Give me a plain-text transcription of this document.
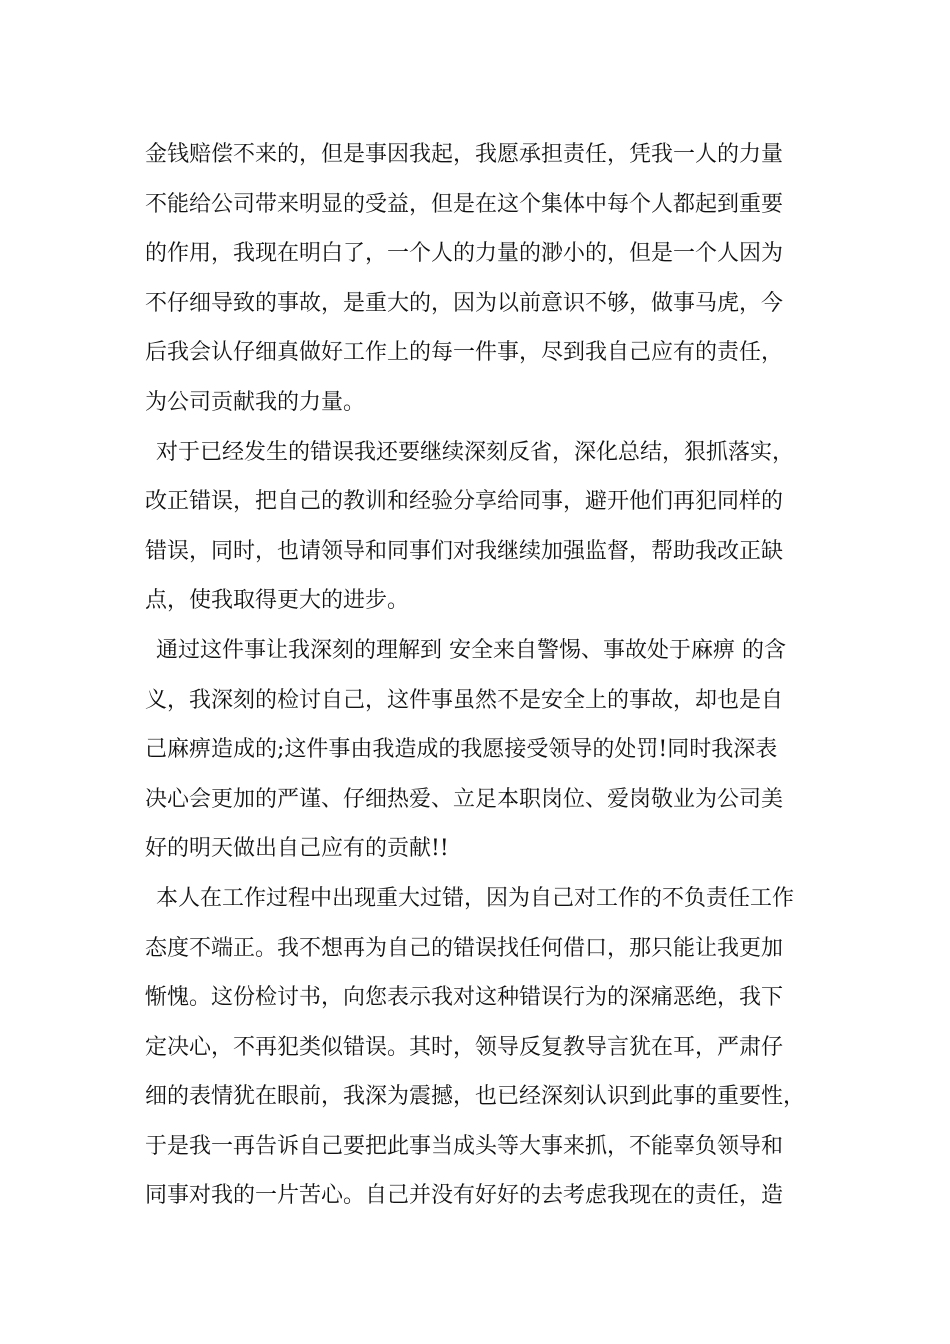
金钱赔偿不来的，但是事因我起，我愿承担责任，凭我一人的力量
不能给公司带来明显的受益，但是在这个集体中每个人都起到重要
的作用，我现在明白了，一个人的力量的渺小的，但是一个人因为
不仔细导致的事故，是重大的，因为以前意识不够，做事马虎，今
后我会认仔细真做好工作上的每一件事，尽到我自己应有的责任，
为公司贡献我的力量。
对于已经发生的错误我还要继续深刻反省，深化总结，狠抓落实，
改正错误，把自己的教训和经验分享给同事，避开他们再犯同样的
错误，同时，也请领导和同事们对我继续加强监督，帮助我改正缺
点，使我取得更大的进步。
通过这件事让我深刻的理解到 安全来自警惕、事故处于麻痹 的含
义，我深刻的检讨自己，这件事虽然不是安全上的事故，却也是自
己麻痹造成的;这件事由我造成的我愿接受领导的处罚!同时我深表
决心会更加的严谨、仔细热爱、立足本职岗位、爱岗敬业为公司美
好的明天做出自己应有的贡献!!
本人在工作过程中出现重大过错，因为自己对工作的不负责任工作
态度不端正。我不想再为自己的错误找任何借口，那只能让我更加
惭愧。这份检讨书，向您表示我对这种错误行为的深痛恶绝，我下
定决心，不再犯类似错误。其时，领导反复教导言犹在耳，严肃仔
细的表情犹在眼前，我深为震撼，也已经深刻认识到此事的重要性，
于是我一再告诉自己要把此事当成头等大事来抓，不能辜负领导和
同事对我的一片苦心。自己并没有好好的去考虑我现在的责任，造
